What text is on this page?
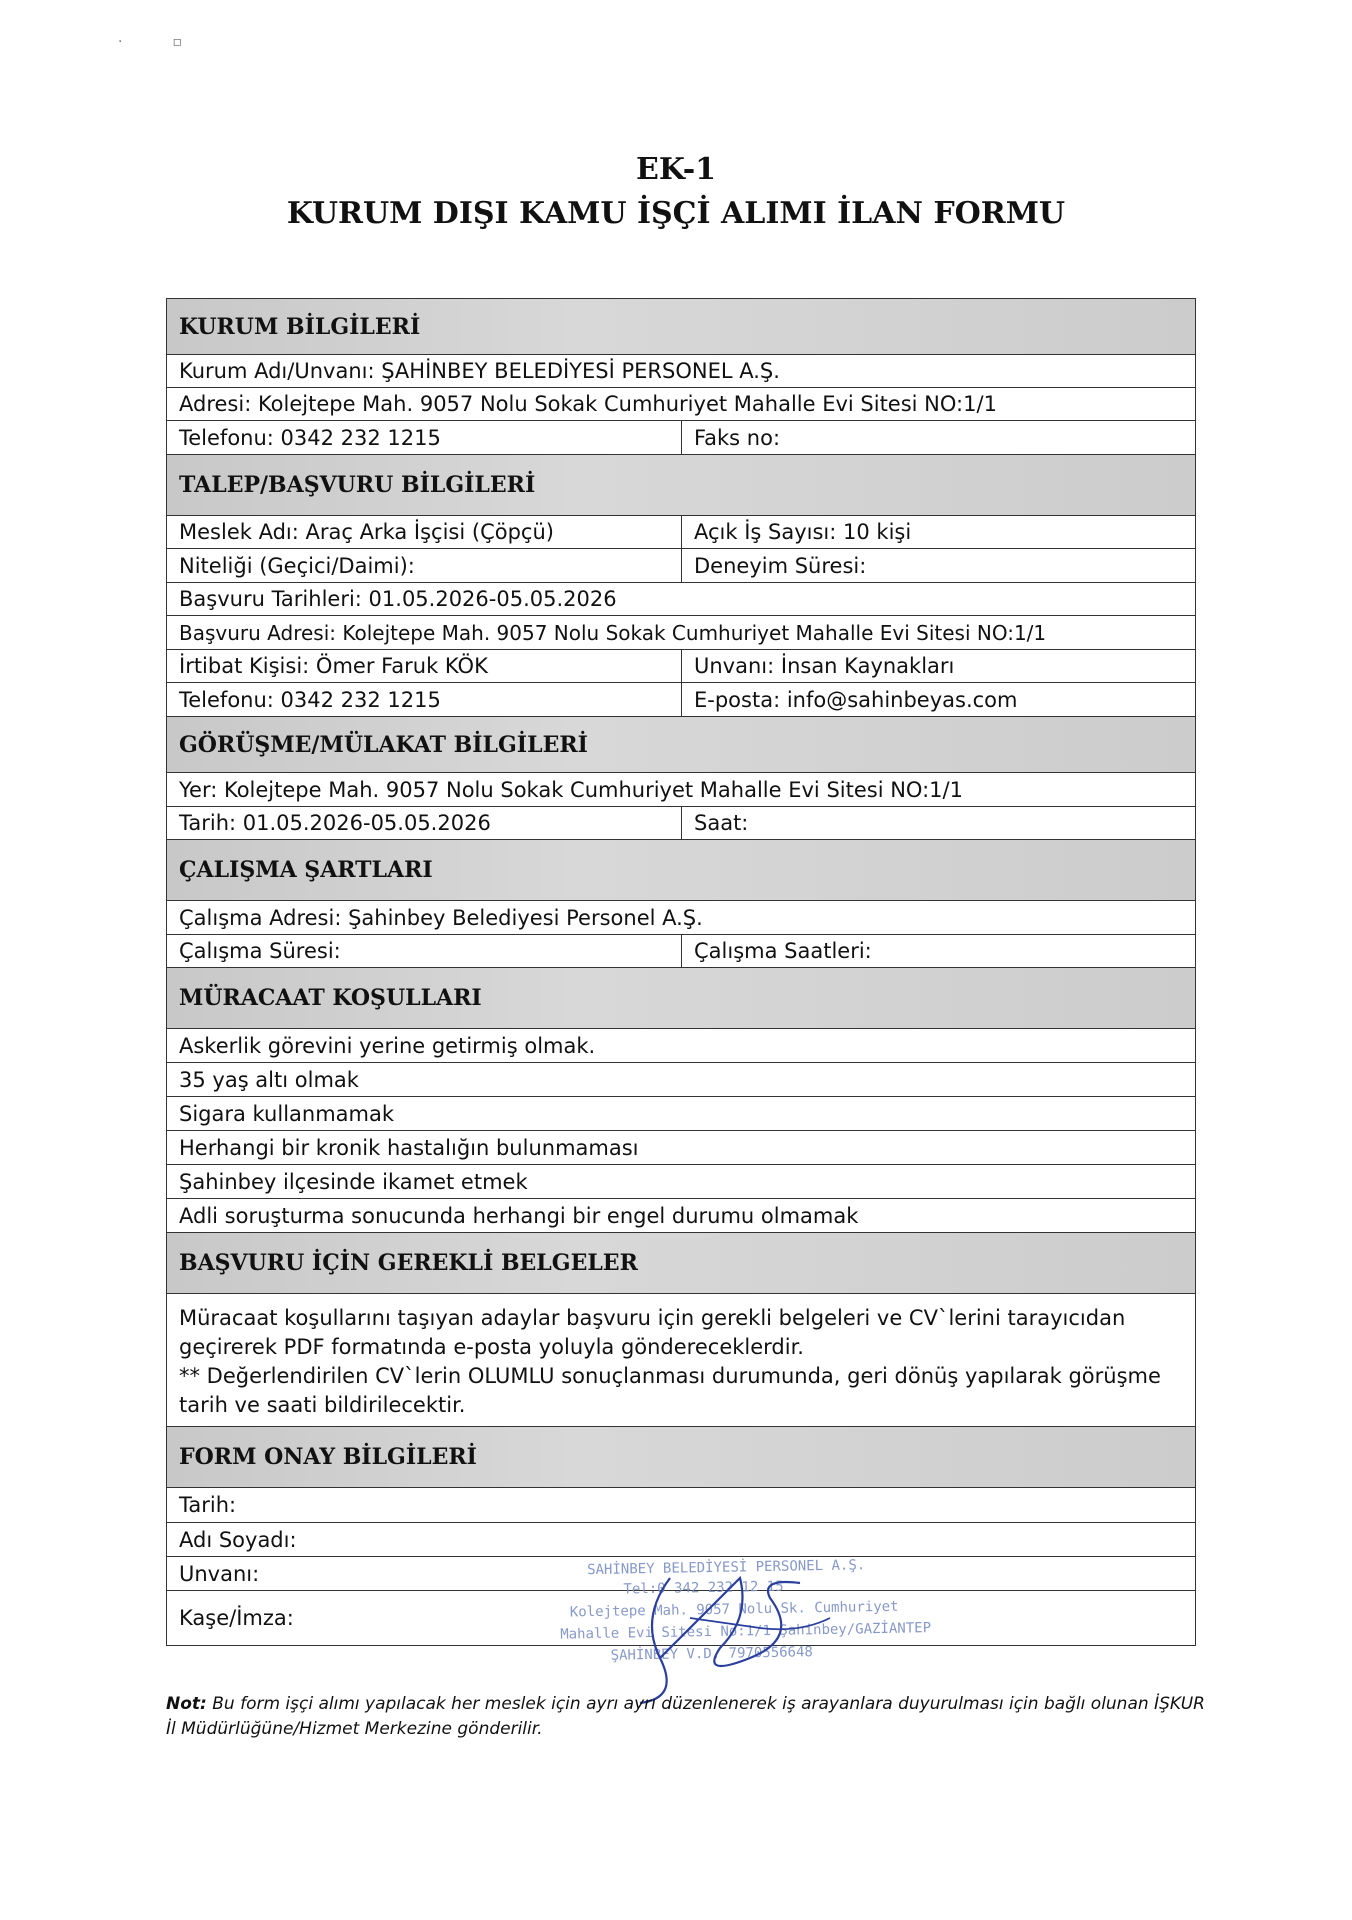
·▫
EK-1
KURUM DIŞI KAMU İŞÇİ ALIMI İLAN FORMU
KURUM BİLGİLERİ
Kurum Adı/Unvanı: ŞAHİNBEY BELEDİYESİ PERSONEL A.Ş.
Adresi: Kolejtepe Mah. 9057 Nolu Sokak Cumhuriyet Mahalle Evi Sitesi NO:1/1
Telefonu: 0342 232 1215	Faks no:
TALEP/BAŞVURU BİLGİLERİ
Meslek Adı: Araç Arka İşçisi (Çöpçü)	Açık İş Sayısı: 10 kişi
Niteliği (Geçici/Daimi):	Deneyim Süresi:
Başvuru Tarihleri: 01.05.2026-05.05.2026
Başvuru Adresi: Kolejtepe Mah. 9057 Nolu Sokak Cumhuriyet Mahalle Evi Sitesi NO:1/1
İrtibat Kişisi: Ömer Faruk KÖK	Unvanı: İnsan Kaynakları
Telefonu: 0342 232 1215	E-posta: info@sahinbeyas.com
GÖRÜŞME/MÜLAKAT BİLGİLERİ
Yer: Kolejtepe Mah. 9057 Nolu Sokak Cumhuriyet Mahalle Evi Sitesi NO:1/1
Tarih: 01.05.2026-05.05.2026	Saat:
ÇALIŞMA ŞARTLARI
Çalışma Adresi: Şahinbey Belediyesi Personel A.Ş.
Çalışma Süresi:	Çalışma Saatleri:
MÜRACAAT KOŞULLARI
Askerlik görevini yerine getirmiş olmak.
35 yaş altı olmak
Sigara kullanmamak
Herhangi bir kronik hastalığın bulunmaması
Şahinbey ilçesinde ikamet etmek
Adli soruşturma sonucunda herhangi bir engel durumu olmamak
BAŞVURU İÇİN GEREKLİ BELGELER

Müracaat koşullarını taşıyan adaylar başvuru için gerekli belgeleri ve CV`lerini tarayıcıdan geçirerek PDF formatında e-posta yoluyla göndereceklerdir.

** Değerlendirilen CV`lerin OLUMLU sonuçlanması durumunda, geri dönüş yapılarak görüşme tarih ve saati bildirilecektir.

FORM ONAY BİLGİLERİ
Tarih:
Adı Soyadı:
Unvanı:
Kaşe/İmza:
SAHİNBEY BELEDİYESİ PERSONEL A.Ş.
Tel:0 342 232 12 15
Kolejtepe Mah. 9057 Nolu Sk. Cumhuriyet
Mahalle Evi Sitesi No:1/1 Şahinbey/GAZİANTEP
ŞAHİNBEY V.D. 7970556648
Not: Bu form işçi alımı yapılacak her meslek için ayrı ayrı düzenlenerek iş arayanlara duyurulması için bağlı olunan İŞKUR İl Müdürlüğüne/Hizmet Merkezine gönderilir.
